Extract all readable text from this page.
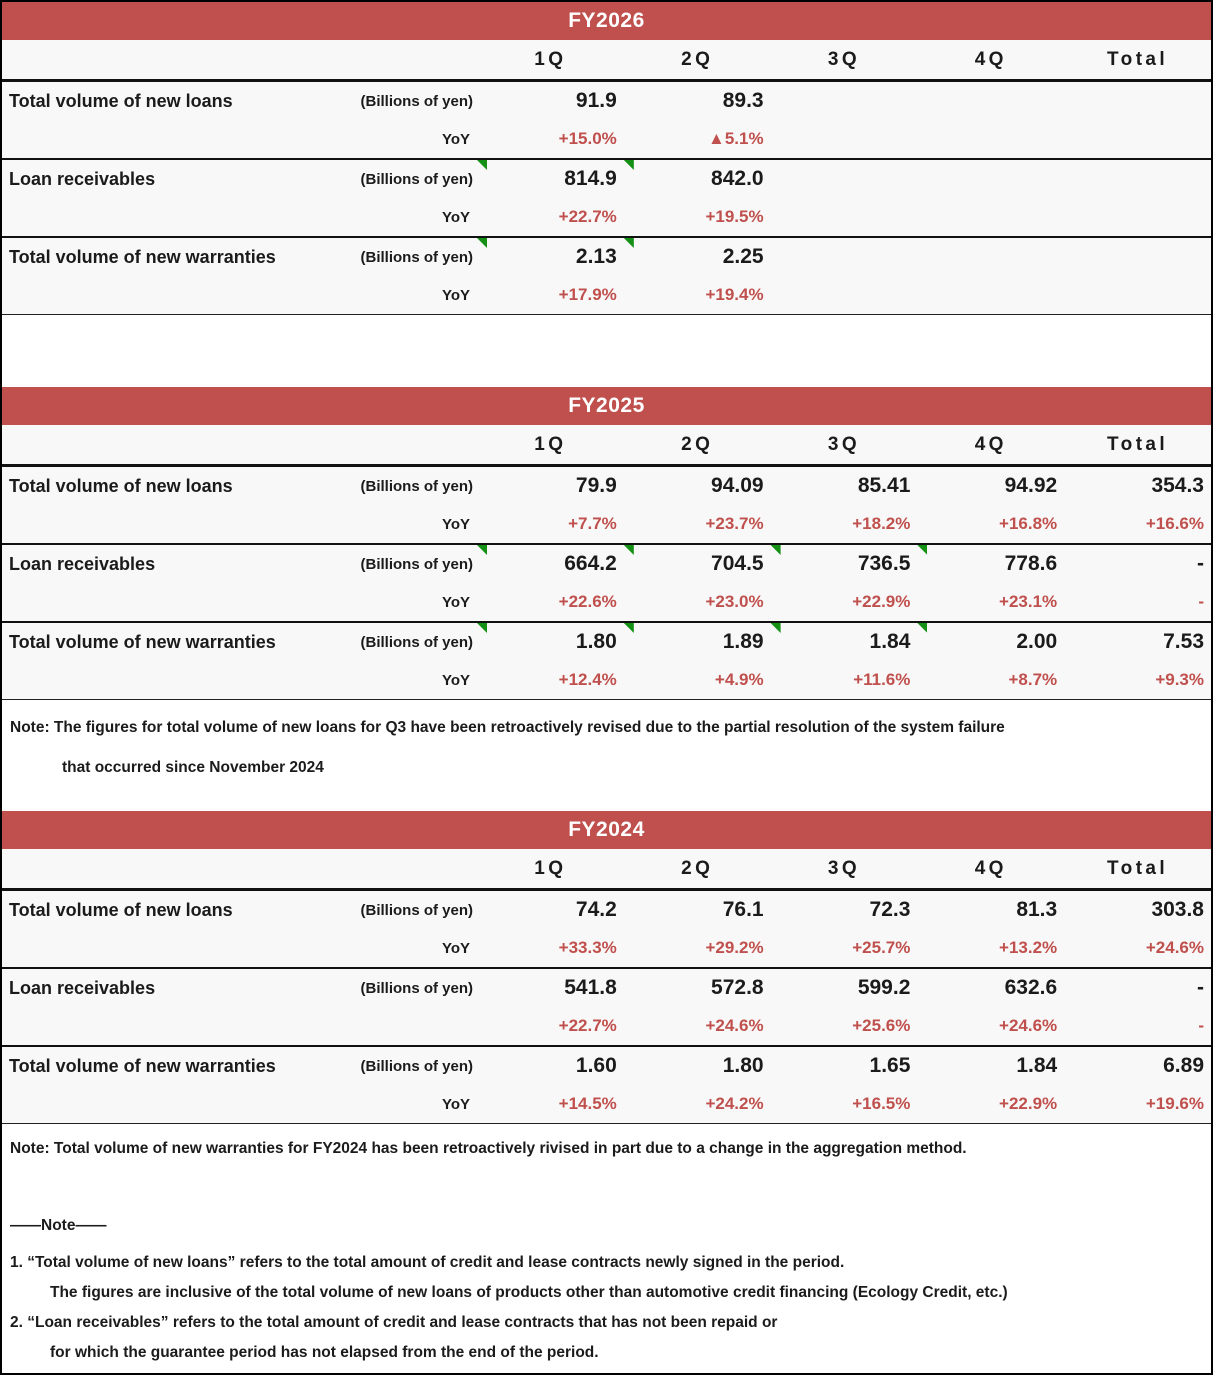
FY2026
1Q	2Q	3Q	4Q	Total
Total volume of new loans	(Billions of yen)	91.9	89.3
YoY	+15.0%	▲5.1%
Loan receivables	(Billions of yen)	814.9	842.0
YoY	+22.7%	+19.5%
Total volume of new warranties	(Billions of yen)	2.13	2.25
YoY	+17.9%	+19.4%
FY2025
1Q	2Q	3Q	4Q	Total
Total volume of new loans	(Billions of yen)	79.9	94.09	85.41	94.92	354.3
YoY	+7.7%	+23.7%	+18.2%	+16.8%	+16.6%
Loan receivables	(Billions of yen)	664.2	704.5	736.5	778.6	-
YoY	+22.6%	+23.0%	+22.9%	+23.1%	-
Total volume of new warranties	(Billions of yen)	1.80	1.89	1.84	2.00	7.53
YoY	+12.4%	+4.9%	+11.6%	+8.7%	+9.3%
Note: The figures for total volume of new loans for Q3 have been retroactively revised due to the partial resolution of the system failure
that occurred since November 2024
FY2024
1Q	2Q	3Q	4Q	Total
Total volume of new loans	(Billions of yen)	74.2	76.1	72.3	81.3	303.8
YoY	+33.3%	+29.2%	+25.7%	+13.2%	+24.6%
Loan receivables	(Billions of yen)	541.8	572.8	599.2	632.6	-
+22.7%	+24.6%	+25.6%	+24.6%	-
Total volume of new warranties	(Billions of yen)	1.60	1.80	1.65	1.84	6.89
YoY	+14.5%	+24.2%	+16.5%	+22.9%	+19.6%
Note: Total volume of new warranties for FY2024 has been retroactively rivised in part due to a change in the aggregation method.
——Note——
1. “Total volume of new loans” refers to the total amount of credit and lease contracts newly signed in the period.
The figures are inclusive of the total volume of new loans of products other than automotive credit financing (Ecology Credit, etc.)
2. “Loan receivables” refers to the total amount of credit and lease contracts that has not been repaid or
for which the guarantee period has not elapsed from the end of the period.
